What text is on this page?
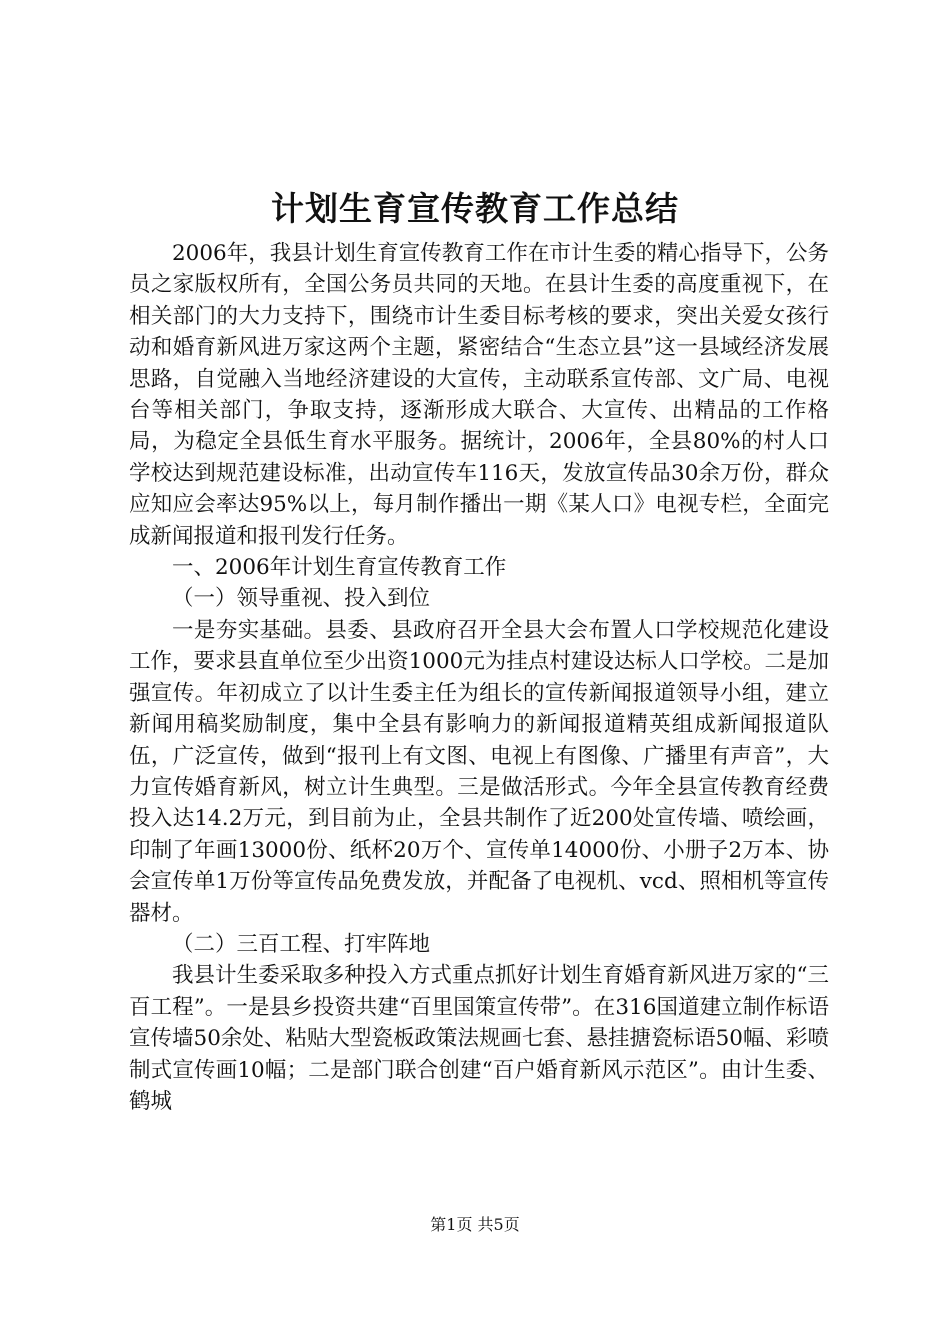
计划生育宣传教育工作总结

2006年，我县计划生育宣传教育工作在市计生委的精心指导下，公务员之家版权所有，全国公务员共同的天地。在县计生委的高度重视下，在相关部门的大力支持下，围绕市计生委目标考核的要求，突出关爱女孩行动和婚育新风进万家这两个主题，紧密结合“生态立县”这一县域经济发展思路，自觉融入当地经济建设的大宣传，主动联系宣传部、文广局、电视台等相关部门，争取支持，逐渐形成大联合、大宣传、出精品的工作格局，为稳定全县低生育水平服务。据统计，2006年，全县80%的村人口学校达到规范建设标准，出动宣传车116天，发放宣传品30余万份，群众应知应会率达95%以上，每月制作播出一期《某人口》电视专栏，全面完成新闻报道和报刊发行任务。

一、2006年计划生育宣传教育工作

（一）领导重视、投入到位

一是夯实基础。县委、县政府召开全县大会布置人口学校规范化建设工作，要求县直单位至少出资1000元为挂点村建设达标人口学校。二是加强宣传。年初成立了以计生委主任为组长的宣传新闻报道领导小组，建立新闻用稿奖励制度，集中全县有影响力的新闻报道精英组成新闻报道队伍，广泛宣传，做到“报刊上有文图、电视上有图像、广播里有声音”，大力宣传婚育新风，树立计生典型。三是做活形式。今年全县宣传教育经费投入达14.2万元，到目前为止，全县共制作了近200处宣传墙、喷绘画，印制了年画13000份、纸杯20万个、宣传单14000份、小册子2万本、协会宣传单1万份等宣传品免费发放，并配备了电视机、vcd、照相机等宣传器材。

（二）三百工程、打牢阵地

我县计生委采取多种投入方式重点抓好计划生育婚育新风进万家的“三百工程”。一是县乡投资共建“百里国策宣传带”。在316国道建立制作标语宣传墙50余处、粘贴大型瓷板政策法规画七套、悬挂搪瓷标语50幅、彩喷制式宣传画10幅；二是部门联合创建“百户婚育新风示范区”。由计生委、鹤城

第1页 共5页
